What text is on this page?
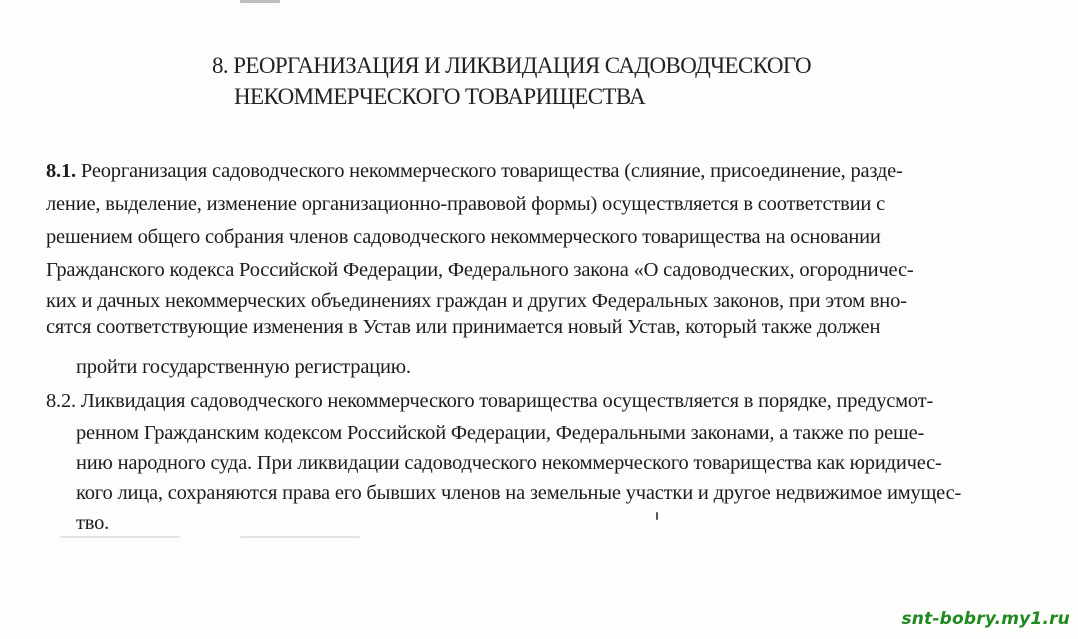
8. РЕОРГАНИЗАЦИЯ И ЛИКВИДАЦИЯ САДОВОДЧЕСКОГО
НЕКОММЕРЧЕСКОГО ТОВАРИЩЕСТВА
8.1. Реорганизация садоводческого некоммерческого товарищества (слияние, присоединение, разде-
ление, выделение, изменение организационно-правовой формы) осуществляется в соответствии с
решением общего собрания членов садоводческого некоммерческого товарищества на основании
Гражданского кодекса Российской Федерации, Федерального закона «О садоводческих, огородничес-
ких и дачных некоммерческих объединениях граждан и других Федеральных законов, при этом вно-
сятся соответствующие изменения в Устав или принимается новый Устав, который также должен
пройти государственную регистрацию.
8.2. Ликвидация садоводческого некоммерческого товарищества осуществляется в порядке, предусмот-
ренном Гражданским кодексом Российской Федерации, Федеральными законами, а также по реше-
нию народного суда. При ликвидации садоводческого некоммерческого товарищества как юридичес-
кого лица, сохраняются права его бывших членов на земельные участки и другое недвижимое имущес-
тво.
snt-bobry.my1.ru
